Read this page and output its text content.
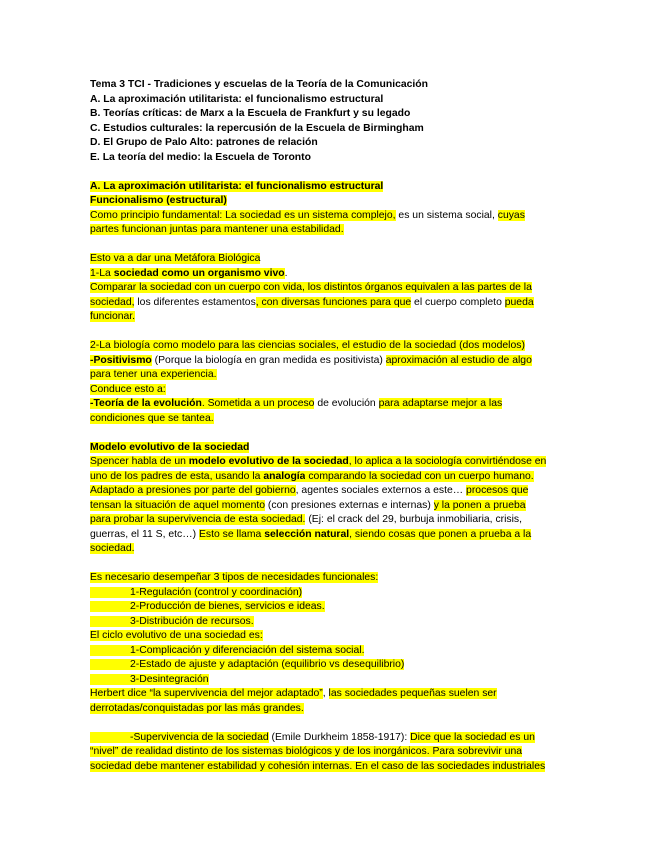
Tema 3 TCI - Tradiciones y escuelas de la Teoría de la Comunicación
A. La aproximación utilitarista: el funcionalismo estructural
B. Teorías críticas: de Marx a la Escuela de Frankfurt y su legado
C. Estudios culturales: la repercusión de la Escuela de Birmingham
D. El Grupo de Palo Alto: patrones de relación
E. La teoría del medio: la Escuela de Toronto
A. La aproximación utilitarista: el funcionalismo estructural
Funcionalismo (estructural)
Como principio fundamental: La sociedad es un sistema complejo, es un sistema social, cuyas
partes funcionan juntas para mantener una estabilidad.
Esto va a dar una Metáfora Biológica
1-La sociedad como un organismo vivo.
Comparar la sociedad con un cuerpo con vida, los distintos órganos equivalen a las partes de la
sociedad, los diferentes estamentos, con diversas funciones para que el cuerpo completo pueda
funcionar.
2-La biología como modelo para las ciencias sociales, el estudio de la sociedad (dos modelos)
-Positivismo (Porque la biología en gran medida es positivista) aproximación al estudio de algo
para tener una experiencia.
Conduce esto a:
-Teoría de la evolución. Sometida a un proceso de evolución para adaptarse mejor a las
condiciones que se tantea.
Modelo evolutivo de la sociedad
Spencer habla de un modelo evolutivo de la sociedad, lo aplica a la sociología convirtiéndose en
uno de los padres de esta, usando la analogía comparando la sociedad con un cuerpo humano.
Adaptado a presiones por parte del gobierno, agentes sociales externos a este… procesos que
tensan la situación de aquel momento (con presiones externas e internas) y la ponen a prueba
para probar la supervivencia de esta sociedad. (Ej: el crack del 29, burbuja inmobiliaria, crisis,
guerras, el 11 S, etc…) Esto se llama selección natural, siendo cosas que ponen a prueba a la
sociedad.
Es necesario desempeñar 3 tipos de necesidades funcionales:
1-Regulación (control y coordinación)
2-Producción de bienes, servicios e ideas.
3-Distribución de recursos.
El ciclo evolutivo de una sociedad es:
1-Complicación y diferenciación del sistema social.
2-Estado de ajuste y adaptación (equilibrio vs desequilibrio)
3-Desintegración
Herbert dice “la supervivencia del mejor adaptado”, las sociedades pequeñas suelen ser
derrotadas/conquistadas por las más grandes.
-Supervivencia de la sociedad (Emile Durkheim 1858-1917): Dice que la sociedad es un
“nivel” de realidad distinto de los sistemas biológicos y de los inorgánicos. Para sobrevivir una
sociedad debe mantener estabilidad y cohesión internas. En el caso de las sociedades industriales
